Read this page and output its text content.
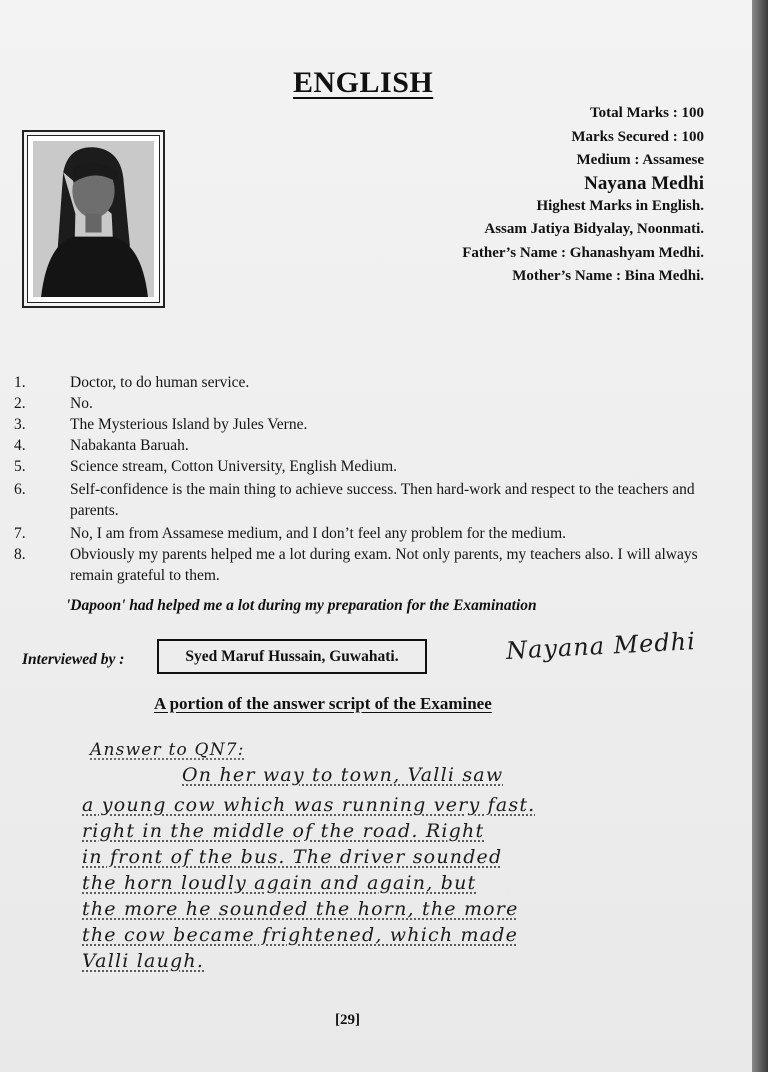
ENGLISH
Total Marks : 100
Marks Secured : 100
Medium : Assamese
Nayana Medhi
Highest Marks in English.
Assam Jatiya Bidyalay, Noonmati.
Father’s Name : Ghanashyam Medhi.
Mother’s Name : Bina Medhi.
1.	Doctor, to do human service.
2.	No.
3.	The Mysterious Island by Jules Verne.
4.	Nabakanta Baruah.
5.	Science stream, Cotton University, English Medium.
6.	Self-confidence is the main thing to achieve success. Then hard-work and respect to the teachers and parents.
7.	No, I am from Assamese medium, and I don’t feel any problem for the medium.
8.	Obviously my parents helped me a lot during exam. Not only parents, my teachers also. I will always remain grateful to them.
'Dapoon' had helped me a lot during my preparation for the Examination
Interviewed by :	Syed Maruf Hussain, Guwahati.	Nayana Medhi
A portion of the answer script of the Examinee
Answer to QN7:
On her way to town, Valli saw
a young cow which was running very fast.
right in the middle of the road. Right
in front of the bus. The driver sounded
the horn loudly again and again, but
the more he sounded the horn, the more
the cow became frightened, which made
Valli laugh.
[29]
